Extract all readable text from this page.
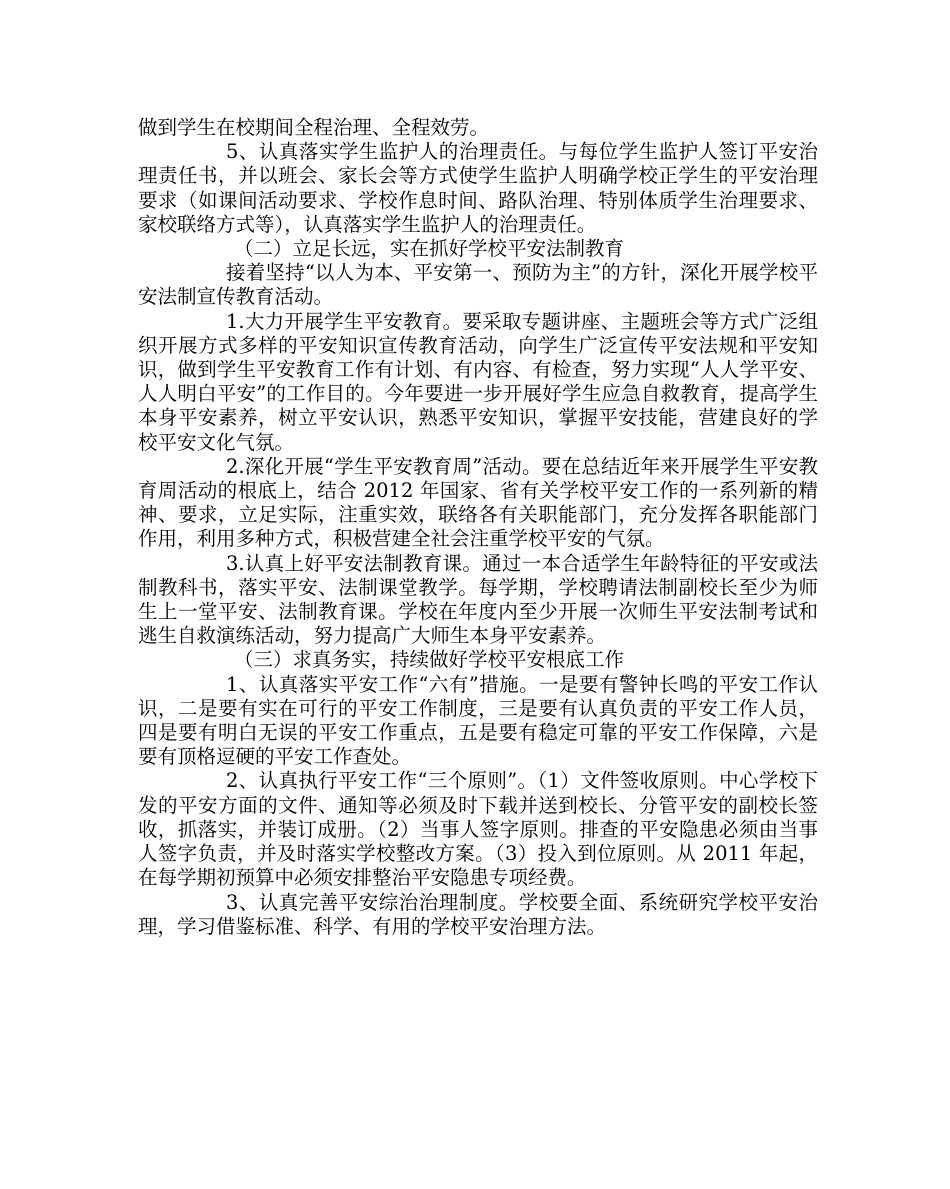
做到学生在校期间全程治理、全程效劳。

5、认真落实学生监护人的治理责任。与每位学生监护人签订平安治理责任书，并以班会、家长会等方式使学生监护人明确学校正学生的平安治理要求（如课间活动要求、学校作息时间、路队治理、特别体质学生治理要求、家校联络方式等），认真落实学生监护人的治理责任。

（二）立足长远，实在抓好学校平安法制教育

接着坚持“以人为本、平安第一、预防为主”的方针，深化开展学校平安法制宣传教育活动。

1.大力开展学生平安教育。要采取专题讲座、主题班会等方式广泛组织开展方式多样的平安知识宣传教育活动，向学生广泛宣传平安法规和平安知识，做到学生平安教育工作有计划、有内容、有检查，努力实现“人人学平安、人人明白平安”的工作目的。今年要进一步开展好学生应急自救教育，提高学生本身平安素养，树立平安认识，熟悉平安知识，掌握平安技能，营建良好的学校平安文化气氛。

2.深化开展“学生平安教育周”活动。要在总结近年来开展学生平安教育周活动的根底上，结合 2012 年国家、省有关学校平安工作的一系列新的精神、要求，立足实际，注重实效，联络各有关职能部门，充分发挥各职能部门作用，利用多种方式，积极营建全社会注重学校平安的气氛。

3.认真上好平安法制教育课。通过一本合适学生年龄特征的平安或法制教科书，落实平安、法制课堂教学。每学期，学校聘请法制副校长至少为师生上一堂平安、法制教育课。学校在年度内至少开展一次师生平安法制考试和逃生自救演练活动，努力提高广大师生本身平安素养。

（三）求真务实，持续做好学校平安根底工作

1、认真落实平安工作“六有”措施。一是要有警钟长鸣的平安工作认识，二是要有实在可行的平安工作制度，三是要有认真负责的平安工作人员，四是要有明白无误的平安工作重点，五是要有稳定可靠的平安工作保障，六是要有顶格逗硬的平安工作查处。

2、认真执行平安工作“三个原则”。（1）文件签收原则。中心学校下发的平安方面的文件、通知等必须及时下载并送到校长、分管平安的副校长签收，抓落实，并装订成册。（2）当事人签字原则。排查的平安隐患必须由当事人签字负责，并及时落实学校整改方案。（3）投入到位原则。从 2011 年起，在每学期初预算中必须安排整治平安隐患专项经费。

3、认真完善平安综治治理制度。学校要全面、系统研究学校平安治理，学习借鉴标准、科学、有用的学校平安治理方法。
